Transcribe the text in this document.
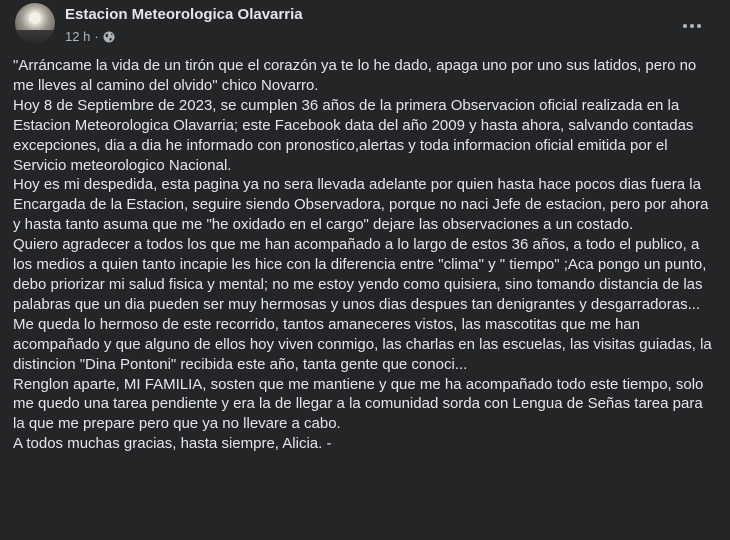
Estacion Meteorologica Olavarria
12 h ·

"Arráncame la vida de un tirón que el corazón ya te lo he dado, apaga uno por uno sus latidos, pero no me lleves al camino del olvido" chico Novarro.

Hoy 8 de Septiembre de 2023, se cumplen 36 años de la primera Observacion oficial realizada en la Estacion Meteorologica Olavarria; este Facebook data del año 2009 y hasta ahora, salvando contadas excepciones, dia a dia he informado con pronostico,alertas y toda informacion oficial emitida por el Servicio meteorologico Nacional.

Hoy es mi despedida, esta pagina ya no sera llevada adelante por quien hasta hace pocos dias fuera la Encargada de la Estacion, seguire siendo Observadora, porque no naci Jefe de estacion, pero por ahora y hasta tanto asuma que me "he oxidado en el cargo" dejare las observaciones a un costado.

Quiero agradecer a todos los que me han acompañado a lo largo de estos 36 años, a todo el publico, a los medios a quien tanto incapie les hice con la diferencia entre "clima" y " tiempo" ;Aca pongo un punto, debo priorizar mi salud fisica y mental; no me estoy yendo como quisiera, sino tomando distancia de las palabras que un dia pueden ser muy hermosas y unos dias despues tan denigrantes y desgarradoras...

Me queda lo hermoso de este recorrido, tantos amaneceres vistos, las mascotitas que me han acompañado y que alguno de ellos hoy viven conmigo, las charlas en las escuelas, las visitas guiadas, la distincion "Dina Pontoni" recibida este año, tanta gente que conoci...

Renglon aparte, MI FAMILIA, sosten que me mantiene y que me ha acompañado todo este tiempo, solo me quedo una tarea pendiente y era la de llegar a la comunidad sorda con Lengua de Señas tarea para la que me prepare pero que ya no llevare a cabo.

A todos muchas gracias, hasta siempre, Alicia. -
